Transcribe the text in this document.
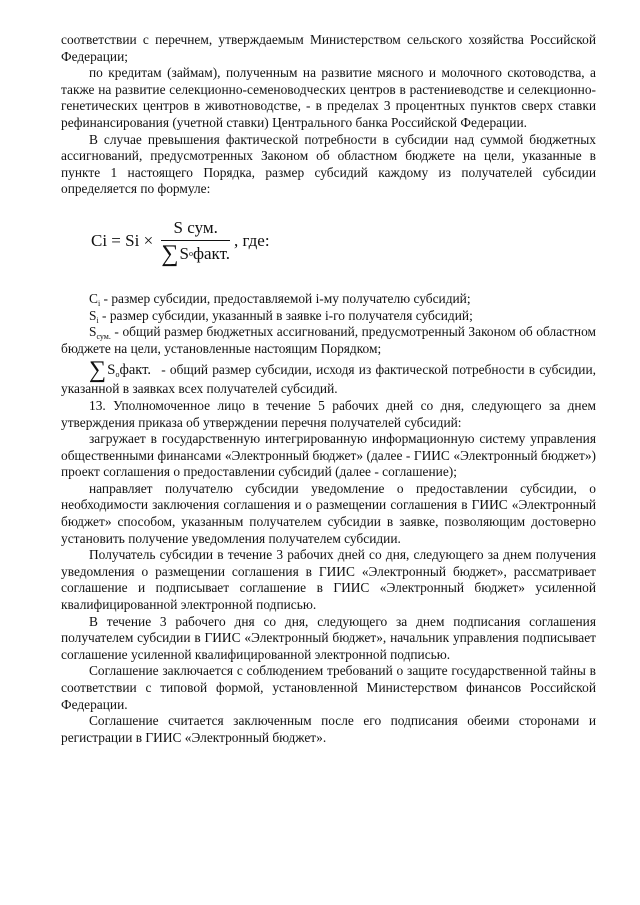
соответствии с перечнем, утверждаемым Министерством сельского хозяйства Российской Федерации;

по кредитам (займам), полученным на развитие мясного и молочного скотоводства, а также на развитие селекционно-семеноводческих центров в растениеводстве и селекционно-генетических центров в животноводстве, - в пределах 3 процентных пунктов сверх ставки рефинансирования (учетной ставки) Центрального банка Российской Федерации.

В случае превышения фактической потребности в субсидии над суммой бюджетных ассигнований, предусмотренных Законом об областном бюджете на цели, указанные в пункте 1 настоящего Порядка, размер субсидий каждому из получателей субсидии определяется по формуле:

$Ci = Si \times \frac{\text{S сум.}}{\text{∑ S o факт.}}$ , где:

$C_i$ - размер субсидии, предоставляемой i-му получателю субсидий;

$S_i$ - размер субсидии, указанный в заявке i-го получателя субсидий;

$S_{сум.}$ - общий размер бюджетных ассигнований, предусмотренный Законом об областном бюджете на цели, установленные настоящим Порядком;

$\sum S_oфакт$. - общий размер субсидии, исходя из фактической потребности в субсидии, указанной в заявках всех получателей субсидий.

13. Уполномоченное лицо в течение 5 рабочих дней со дня, следующего за днем утверждения приказа об утверждении перечня получателей субсидий:

загружает в государственную интегрированную информационную систему управления общественными финансами «Электронный бюджет» (далее - ГИИС «Электронный бюджет») проект соглашения о предоставлении субсидий (далее - соглашение);

направляет получателю субсидии уведомление о предоставлении субсидии, о необходимости заключения соглашения и о размещении соглашения в ГИИС «Электронный бюджет» способом, указанным получателем субсидии в заявке, позволяющим достоверно установить получение уведомления получателем субсидии.

Получатель субсидии в течение 3 рабочих дней со дня, следующего за днем получения уведомления о размещении соглашения в ГИИС «Электронный бюджет», рассматривает соглашение и подписывает соглашение в ГИИС «Электронный бюджет» усиленной квалифицированной электронной подписью.

В течение 3 рабочего дня со дня, следующего за днем подписания соглашения получателем субсидии в ГИИС «Электронный бюджет», начальник управления подписывает соглашение усиленной квалифицированной электронной подписью.

Соглашение заключается с соблюдением требований о защите государственной тайны в соответствии с типовой формой, установленной Министерством финансов Российской Федерации.

Соглашение считается заключенным после его подписания обеими сторонами и регистрации в ГИИС «Электронный бюджет».
